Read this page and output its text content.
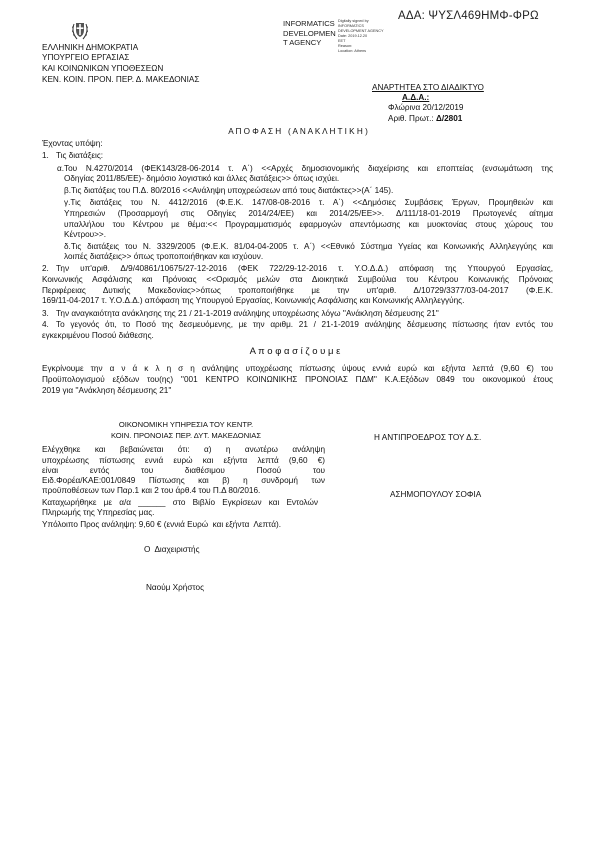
ΑΔΑ: ΨΥΣΛ469ΗΜΦ-ΦΡΩ
INFORMATICS
DEVELOPMEN
T AGENCY
Digitally signed by
INFORMATICS
DEVELOPMENT AGENCY
Date: 2019.12.20
EET
Reason:
Location: Athens
ΕΛΛΗΝΙΚΗ ΔΗΜΟΚΡΑΤΙΑ
ΥΠΟΥΡΓΕΙΟ ΕΡΓΑΣΙΑΣ
ΚΑΙ ΚΟΙΝΩΝΙΚΩΝ ΥΠΟΘΕΣΕΩΝ
ΚΕΝ. ΚΟΙΝ. ΠΡΟΝ. ΠΕΡ. Δ. ΜΑΚΕΔΟΝΙΑΣ
ΑΝΑΡΤΗΤΕΑ ΣΤΟ ΔΙΑΔΙΚΤΥΟ
Α.Δ.Α.:
Φλώρινα 20/12/2019
Αριθ. Πρωτ.: Δ/2801
Α Π Ο Φ Α Σ Η   ( Α Ν Α Κ Λ Η Τ Ι Κ Η )
Έχοντας υπόψη:
1. Τις διατάξεις:
α.Του Ν.4270/2014 (ΦΕΚ143/28-06-2014 τ. Α΄) <<Αρχές δημοσιονομικής διαχείρισης και εποπτείας (ενσωμάτωση της
Οδηγίας 2011/85/ΕΕ)- δημόσιο λογιστικό και άλλες διατάξεις>> όπως ισχύει.
β.Τις διατάξεις του Π.Δ. 80/2016 <<Ανάληψη υποχρεώσεων από τους διατάκτες>>(Α΄ 145).
γ.Τις διατάξεις του Ν. 4412/2016 (Φ.Ε.Κ. 147/08-08-2016 τ. Α΄) <<Δημόσιες Συμβάσεις Έργων, Προμηθειών και
Υπηρεσιών (Προσαρμογή στις Οδηγίες 2014/24/ΕΕ) και 2014/25/ΕΕ>>. Δ/111/18-01-2019 Πρωτογενές αίτημα
υπαλλήλου του Κέντρου με θέμα:<< Προγραμματισμός εφαρμογών απεντόμωσης και μυοκτονίας στους χώρους του
Κέντρου>>.
δ.Τις διατάξεις του Ν. 3329/2005 (Φ.Ε.Κ. 81/04-04-2005 τ. Α΄) <<Εθνικό Σύστημα Υγείας και Κοινωνικής Αλληλεγγύης και
λοιπές διατάξεις>> όπως τροποποιήθηκαν και ισχύουν.
2. Την υπ'αριθ. Δ/9/40861/10675/27-12-2016 (ΦΕΚ 722/29-12-2016 τ. Υ.Ο.Δ.Δ.) απόφαση της Υπουργού Εργασίας,
Κοινωνικής Ασφάλισης και Πρόνοιας <<Ορισμός μελών στα Διοικητικά Συμβούλια του Κέντρου Κοινωνικής Πρόνοιας
Περιφέρειας Δυτικής Μακεδονίας>>όπως τροποποιήθηκε με την υπ'αριθ. Δ/10729/3377/03-04-2017 (Φ.Ε.Κ.
169/11-04-2017 τ. Υ.Ο.Δ.Δ.) απόφαση της Υπουργού Εργασίας, Κοινωνικής Ασφάλισης και Κοινωνικής Αλληλεγγύης.
3. Την αναγκαιότητα ανάκλησης της 21 / 21-1-2019 ανάληψης υποχρέωσης λόγω ''Ανάκληση δέσμευσης 21''
4. Το γεγονός ότι, το Ποσό της δεσμευόμενης, με την αριθμ. 21 / 21-1-2019 ανάληψης δέσμευσης πίστωσης ήταν εντός του
εγκεκριμένου Ποσού διάθεσης.
Α π ο φ α σ ί ζ ο υ μ ε
Εγκρίνουμε την α ν ά κ λ η σ η ανάληψης υποχρέωσης πίστωσης ύψους εννιά ευρώ και εξήντα λεπτά (9,60 €) του
Προϋπολογισμού εξόδων του(ης) ''001 ΚΕΝΤΡΟ ΚΟΙΝΩΝΙΚΗΣ ΠΡΟΝΟΙΑΣ ΠΔΜ'' Κ.Α.Εξόδων 0849 του οικονομικού έτους
2019 για ''Ανάκληση δέσμευσης 21''
ΟΙΚΟΝΟΜΙΚΗ ΥΠΗΡΕΣΙΑ ΤΟΥ ΚΕΝΤΡ.
ΚΟΙΝ. ΠΡΟΝΟΙΑΣ ΠΕΡ. ΔΥΤ. ΜΑΚΕΔΟΝΙΑΣ
Ελέγχθηκε και βεβαιώνεται ότι: α) η ανωτέρω ανάληψη
υποχρέωσης πίστωσης εννιά ευρώ και εξήντα λεπτά (9,60 €)
είναι εντός του διαθέσιμου Ποσού του
Ειδ.Φορέα/ΚΑΕ:001/0849 Πίστωσης και β) η συνδρομή των
προϋποθέσεων των Παρ.1 και 2 του άρθ.4 του Π.Δ 80/2016.
Καταχωρήθηκε με α/α ______ στο Βιβλίο Εγκρίσεων και Εντολών
Πληρωμής της Υπηρεσίας μας.
Υπόλοιπο Προς ανάληψη: 9,60 € (εννιά Ευρώ  και εξήντα  Λεπτά).
Ο  Διαχειριστής
Ναούμ Χρήστος
Η ΑΝΤΙΠΡΟΕΔΡΟΣ ΤΟΥ Δ.Σ.
ΑΣΗΜΟΠΟΥΛΟΥ ΣΟΦΙΑ
